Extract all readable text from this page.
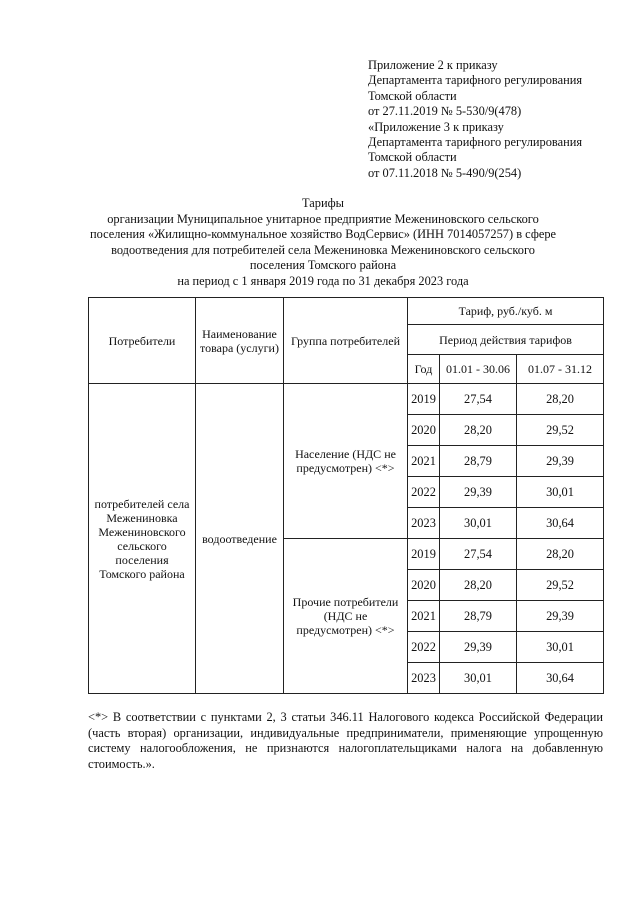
Приложение 2 к приказу
Департамента тарифного регулирования
Томской области
от 27.11.2019 № 5-530/9(478)
«Приложение 3 к приказу
Департамента тарифного регулирования
Томской области
от 07.11.2018 № 5-490/9(254)
Тарифы
организации Муниципальное унитарное предприятие Межениновского сельского
поселения «Жилищно-коммунальное хозяйство ВодСервис» (ИНН 7014057257) в сфере
водоотведения для потребителей села Межениновка Межениновского сельского
поселения Томского района
на период с 1 января 2019 года по 31 декабря 2023 года
Потребители	Наименование товара (услуги)	Группа потребителей	Тариф, руб./куб. м		
			Период действия тарифов		
			Год	01.01 - 30.06	01.07 - 31.12
потребителей села Межениновка Межениновского сельского поселения Томского района	водоотведение	Население (НДС не предусмотрен) <*>	2019	27,54	28,20
			2020	28,20	29,52
			2021	28,79	29,39
			2022	29,39	30,01
			2023	30,01	30,64
		Прочие потребители (НДС не предусмотрен) <*>	2019	27,54	28,20
			2020	28,20	29,52
			2021	28,79	29,39
			2022	29,39	30,01
			2023	30,01	30,64
<*> В соответствии с пунктами 2, 3 статьи 346.11 Налогового кодекса Российской Федерации (часть вторая) организации, индивидуальные предприниматели, применяющие упрощенную систему налогообложения, не признаются налогоплательщиками налога на добавленную стоимость.».
